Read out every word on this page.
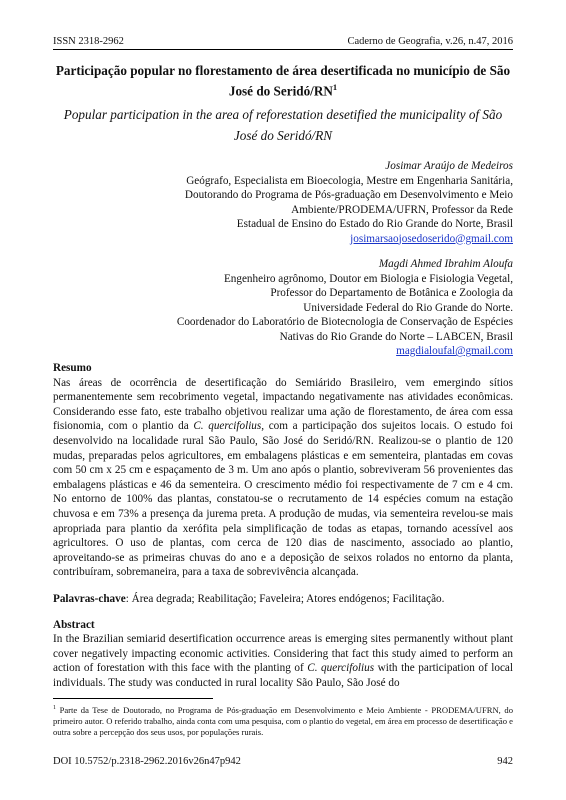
ISSN 2318-2962	Caderno de Geografia, v.26, n.47, 2016
Participação popular no florestamento de área desertificada no município de São José do Seridó/$RN^1$
Popular participation in the area of reforestation desetified the municipality of São José do Seridó/RN
Josimar Araújo de Medeiros
Geógrafo, Especialista em Bioecologia, Mestre em Engenharia Sanitária,
Doutorando do Programa de Pós-graduação em Desenvolvimento e Meio
Ambiente/PRODEMA/UFRN, Professor da Rede
Estadual de Ensino do Estado do Rio Grande do Norte, Brasil
josimarsaojosedoserido@gmail.com
Magdi Ahmed Ibrahim Aloufa
Engenheiro agrônomo, Doutor em Biologia e Fisiologia Vegetal,
Professor do Departamento de Botânica e Zoologia da
Universidade Federal do Rio Grande do Norte.
Coordenador do Laboratório de Biotecnologia de Conservação de Espécies
Nativas do Rio Grande do Norte – LABCEN, Brasil
magdialoufal@gmail.com
Resumo
Nas áreas de ocorrência de desertificação do Semiárido Brasileiro, vem emergindo sítios permanentemente sem recobrimento vegetal, impactando negativamente nas atividades econômicas. Considerando esse fato, este trabalho objetivou realizar uma ação de florestamento, de área com essa fisionomia, com o plantio da C. quercifolius, com a participação dos sujeitos locais. O estudo foi desenvolvido na localidade rural São Paulo, São José do Seridó/RN. Realizou-se o plantio de 120 mudas, preparadas pelos agricultores, em embalagens plásticas e em sementeira, plantadas em covas com 50 cm x 25 cm e espaçamento de 3 m. Um ano após o plantio, sobreviveram 56 provenientes das embalagens plásticas e 46 da sementeira. O crescimento médio foi respectivamente de 7 cm e 4 cm. No entorno de 100% das plantas, constatou-se o recrutamento de 14 espécies comum na estação chuvosa e em 73% a presença da jurema preta. A produção de mudas, via sementeira revelou-se mais apropriada para plantio da xerófita pela simplificação de todas as etapas, tornando acessível aos agricultores. O uso de plantas, com cerca de 120 dias de nascimento, associado ao plantio, aproveitando-se as primeiras chuvas do ano e a deposição de seixos rolados no entorno da planta, contribuíram, sobremaneira, para a taxa de sobrevivência alcançada.
Palavras-chave: Área degrada; Reabilitação; Faveleira; Atores endógenos; Facilitação.
Abstract
In the Brazilian semiarid desertification occurrence areas is emerging sites permanently without plant cover negatively impacting economic activities. Considering that fact this study aimed to perform an action of forestation with this face with the planting of C. quercifolius with the participation of local individuals. The study was conducted in rural locality São Paulo, São José do
$^1$ Parte da Tese de Doutorado, no Programa de Pós-graduação em Desenvolvimento e Meio Ambiente - PRODEMA/UFRN, do primeiro autor. O referido trabalho, ainda conta com uma pesquisa, com o plantio do vegetal, em área em processo de desertificação e outra sobre a percepção dos seus usos, por populações rurais.
DOI 10.5752/p.2318-2962.2016v26n47p942	942
